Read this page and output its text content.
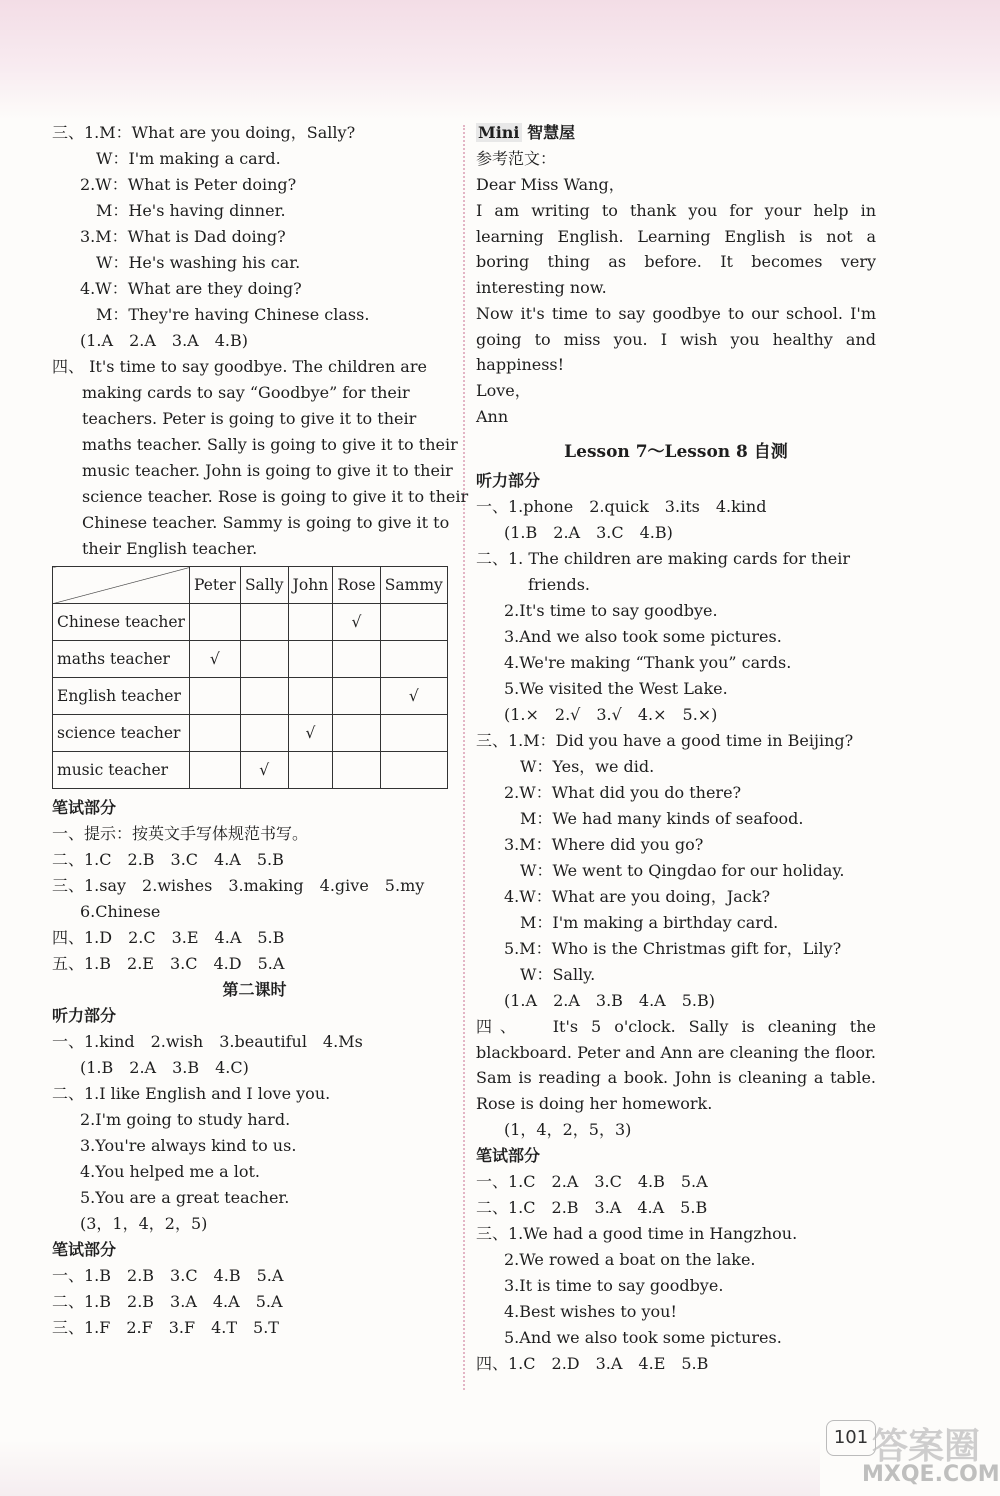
三、1.M：What are you doing，Sally?
W：I'm making a card.
2.W：What is Peter doing?
M：He's having dinner.
3.M：What is Dad doing?
W：He's washing his car.
4.W：What are they doing?
M：They're having Chinese class.
(1.A　2.A　3.A　4.B)
四、 It's time to say goodbye. The children are
making cards to say “Goodbye” for their
teachers. Peter is going to give it to their
maths teacher. Sally is going to give it to their
music teacher. John is going to give it to their
science teacher. Rose is going to give it to their
Chinese teacher. Sammy is going to give it to
their English teacher.
	Peter	Sally	John	Rose	Sammy
Chinese teacher				√	
maths teacher	√				
English teacher					√
science teacher			√		
music teacher		√			
笔试部分
一、提示：按英文手写体规范书写。
二、1.C　2.B　3.C　4.A　5.B
三、1.say　2.wishes　3.making　4.give　5.my
6.Chinese
四、1.D　2.C　3.E　4.A　5.B
五、1.B　2.E　3.C　4.D　5.A
第二课时
听力部分
一、1.kind　2.wish　3.beautiful　4.Ms
(1.B　2.A　3.B　4.C)
二、1.I like English and I love you.
2.I'm going to study hard.
3.You're always kind to us.
4.You helped me a lot.
5.You are a great teacher.
(3，1，4，2，5)
笔试部分
一、1.B　2.B　3.C　4.B　5.A
二、1.B　2.B　3.A　4.A　5.A
三、1.F　2.F　3.F　4.T　5.T
Mini 智慧屋
参考范文：
Dear Miss Wang，
I am writing to thank you for your help in learning English. Learning English is not a boring thing as before. It becomes very interesting now.
Now it's time to say goodbye to our school. I'm going to miss you. I wish you healthy and happiness!
Love，
Ann
Lesson 7～Lesson 8 自测
听力部分
一、1.phone　2.quick　3.its　4.kind
(1.B　2.A　3.C　4.B)
二、1. The children are making cards for their
friends.
2.It's time to say goodbye.
3.And we also took some pictures.
4.We're making “Thank you” cards.
5.We visited the West Lake.
(1.×　2.√　3.√　4.×　5.×)
三、1.M：Did you have a good time in Beijing?
W：Yes，we did.
2.W：What did you do there?
M：We had many kinds of seafood.
3.M：Where did you go?
W：We went to Qingdao for our holiday.
4.W：What are you doing，Jack?
M：I'm making a birthday card.
5.M：Who is the Christmas gift for，Lily?
W：Sally.
(1.A　2.A　3.B　4.A　5.B)
四、　 It's 5 o'clock. Sally is cleaning the blackboard. Peter and Ann are cleaning the floor. Sam is reading a book. John is cleaning a table. Rose is doing her homework.
(1，4，2，5，3)
笔试部分
一、1.C　2.A　3.C　4.B　5.A
二、1.C　2.B　3.A　4.A　5.B
三、1.We had a good time in Hangzhou.
2.We rowed a boat on the lake.
3.It is time to say goodbye.
4.Best wishes to you!
5.And we also took some pictures.
四、1.C　2.D　3.A　4.E　5.B
101 答案圈
MXQE.COM
